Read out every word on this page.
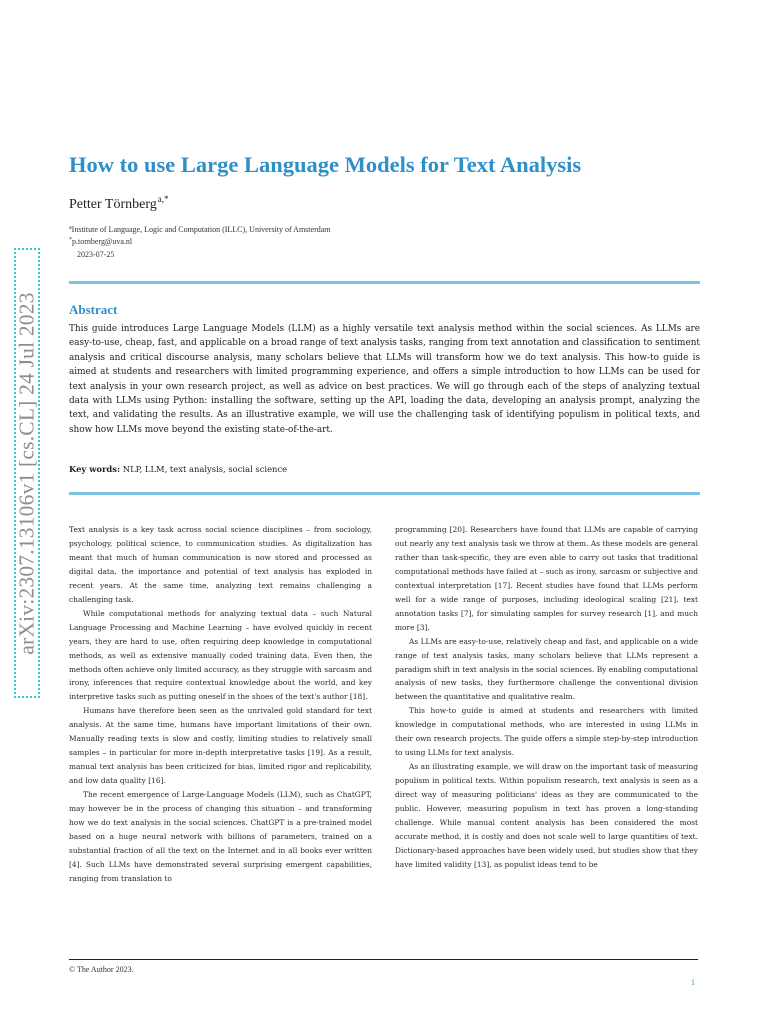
arXiv:2307.13106v1 [cs.CL] 24 Jul 2023
How to use Large Language Models for Text Analysis
Petter Törnberg$^{a,*}$
$^a$Institute of Language, Logic and Computation (ILLC), University of Amsterdam
*p.tornberg@uva.nl
2023-07-25
Abstract

This guide introduces Large Language Models (LLM) as a highly versatile text analysis method within the social sciences. As LLMs are easy-to-use, cheap, fast, and applicable on a broad range of text analysis tasks, ranging from text annotation and classification to sentiment analysis and critical discourse analysis, many scholars believe that LLMs will transform how we do text analysis. This how-to guide is aimed at students and researchers with limited programming experience, and offers a simple introduction to how LLMs can be used for text analysis in your own research project, as well as advice on best practices. We will go through each of the steps of analyzing textual data with LLMs using Python: installing the software, setting up the API, loading the data, developing an analysis prompt, analyzing the text, and validating the results. As an illustrative example, we will use the challenging task of identifying populism in political texts, and show how LLMs move beyond the existing state-of-the-art.

Key words: NLP, LLM, text analysis, social science

Text analysis is a key task across social science disciplines – from sociology, psychology, political science, to communication studies. As digitalization has meant that much of human communication is now stored and processed as digital data, the importance and potential of text analysis has exploded in recent years. At the same time, analyzing text remains challenging a challenging task.

While computational methods for analyzing textual data – such Natural Language Processing and Machine Learning – have evolved quickly in recent years, they are hard to use, often requiring deep knowledge in computational methods, as well as extensive manually coded training data. Even then, the methods often achieve only limited accuracy, as they struggle with sarcasm and irony, inferences that require contextual knowledge about the world, and key interpretive tasks such as putting oneself in the shoes of the text's author [18].

Humans have therefore been seen as the unrivaled gold standard for text analysis. At the same time, humans have important limitations of their own. Manually reading texts is slow and costly, limiting studies to relatively small samples – in particular for more in-depth interpretative tasks [19]. As a result, manual text analysis has been criticized for bias, limited rigor and replicability, and low data quality [16].

The recent emergence of Large-Language Models (LLM), such as ChatGPT, may however be in the process of changing this situation – and transforming how we do text analysis in the social sciences. ChatGPT is a pre-trained model based on a huge neural network with billions of parameters, trained on a substantial fraction of all the text on the Internet and in all books ever written [4]. Such LLMs have demonstrated several surprising emergent capabilities, ranging from translation to

programming [20]. Researchers have found that LLMs are capable of carrying out nearly any text analysis task we throw at them. As these models are general rather than task-specific, they are even able to carry out tasks that traditional computational methods have failed at – such as irony, sarcasm or subjective and contextual interpretation [17]. Recent studies have found that LLMs perform well for a wide range of purposes, including ideological scaling [21], text annotation tasks [7], for simulating samples for survey research [1], and much more [3].

As LLMs are easy-to-use, relatively cheap and fast, and applicable on a wide range of text analysis tasks, many scholars believe that LLMs represent a paradigm shift in text analysis in the social sciences. By enabling computational analysis of new tasks, they furthermore challenge the conventional division between the quantitative and qualitative realm.

This how-to guide is aimed at students and researchers with limited knowledge in computational methods, who are interested in using LLMs in their own research projects. The guide offers a simple step-by-step introduction to using LLMs for text analysis.

As an illustrating example, we will draw on the important task of measuring populism in political texts. Within populism research, text analysis is seen as a direct way of measuring politicians' ideas as they are communicated to the public. However, measuring populism in text has proven a long-standing challenge. While manual content analysis has been considered the most accurate method, it is costly and does not scale well to large quantities of text. Dictionary-based approaches have been widely used, but studies show that they have limited validity [13], as populist ideas tend to be

© The Author 2023.
1
